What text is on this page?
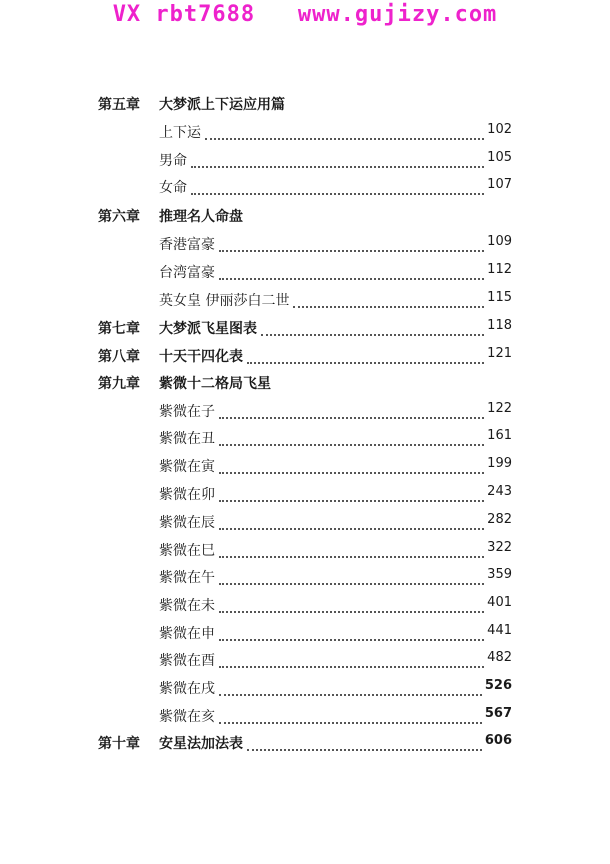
VX rbt7688   www.gujizy.com
第五章 大梦派上下运应用篇
上下运	102
男命	105
女命	107
第六章 推理名人命盘
香港富豪	109
台湾富豪	112
英女皇 伊丽莎白二世	115
第七章 大梦派飞星图表	118
第八章 十天干四化表	121
第九章 紫微十二格局飞星
紫微在子	122
紫微在丑	161
紫微在寅	199
紫微在卯	243
紫微在辰	282
紫微在巳	322
紫微在午	359
紫微在未	401
紫微在申	441
紫微在酉	482
紫微在戌	526
紫微在亥	567
第十章 安星法加法表	606
